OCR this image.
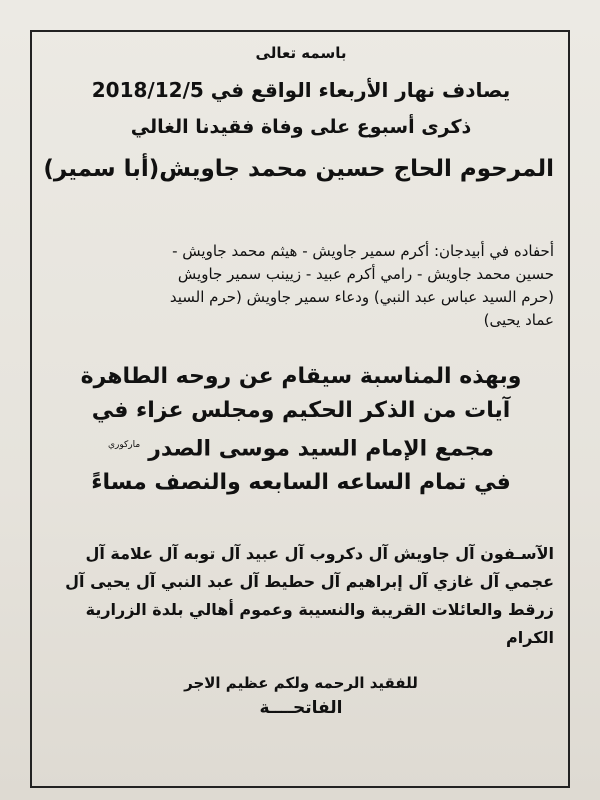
باسمه تعالى

يصادف نهار الأربعاء الواقع في 2018/12/5

ذكرى أسبوع على وفاة فقيدنا الغالي

المرحوم الحاج حسين محمد جاويش(أبا سمير)

أحفاده في أبيدجان: أكرم سمير جاويش - هيثم محمد جاويش -

حسين محمد جاويش - رامي أكرم عبيد - زيينب سمير جاويش

(حرم السيد عباس عبد النبي) ودعاء سمير جاويش (حرم السيد

عماد يحيى)

وبهذه المناسبة سيقام عن روحه الطاهرة

آيات من الذكر الحكيم ومجلس عزاء في

مجمع الإمام السيد موسى الصدر$^{ماركوري}$

في تمام الساعه السابعه والنصف مساءً

الآسـفون آل جاويش آل دكروب آل عبيد آل توبه آل علامة آل

عجمي آل غازي آل إبراهيم آل حطيط آل عبد النبي آل يحيى آل

زرقط والعائلات القريبة والنسيبة وعموم أهالي بلدة الزرارية

الكرام

للفقيد الرحمه ولكم عظيم الاجر

الفاتحــــة
